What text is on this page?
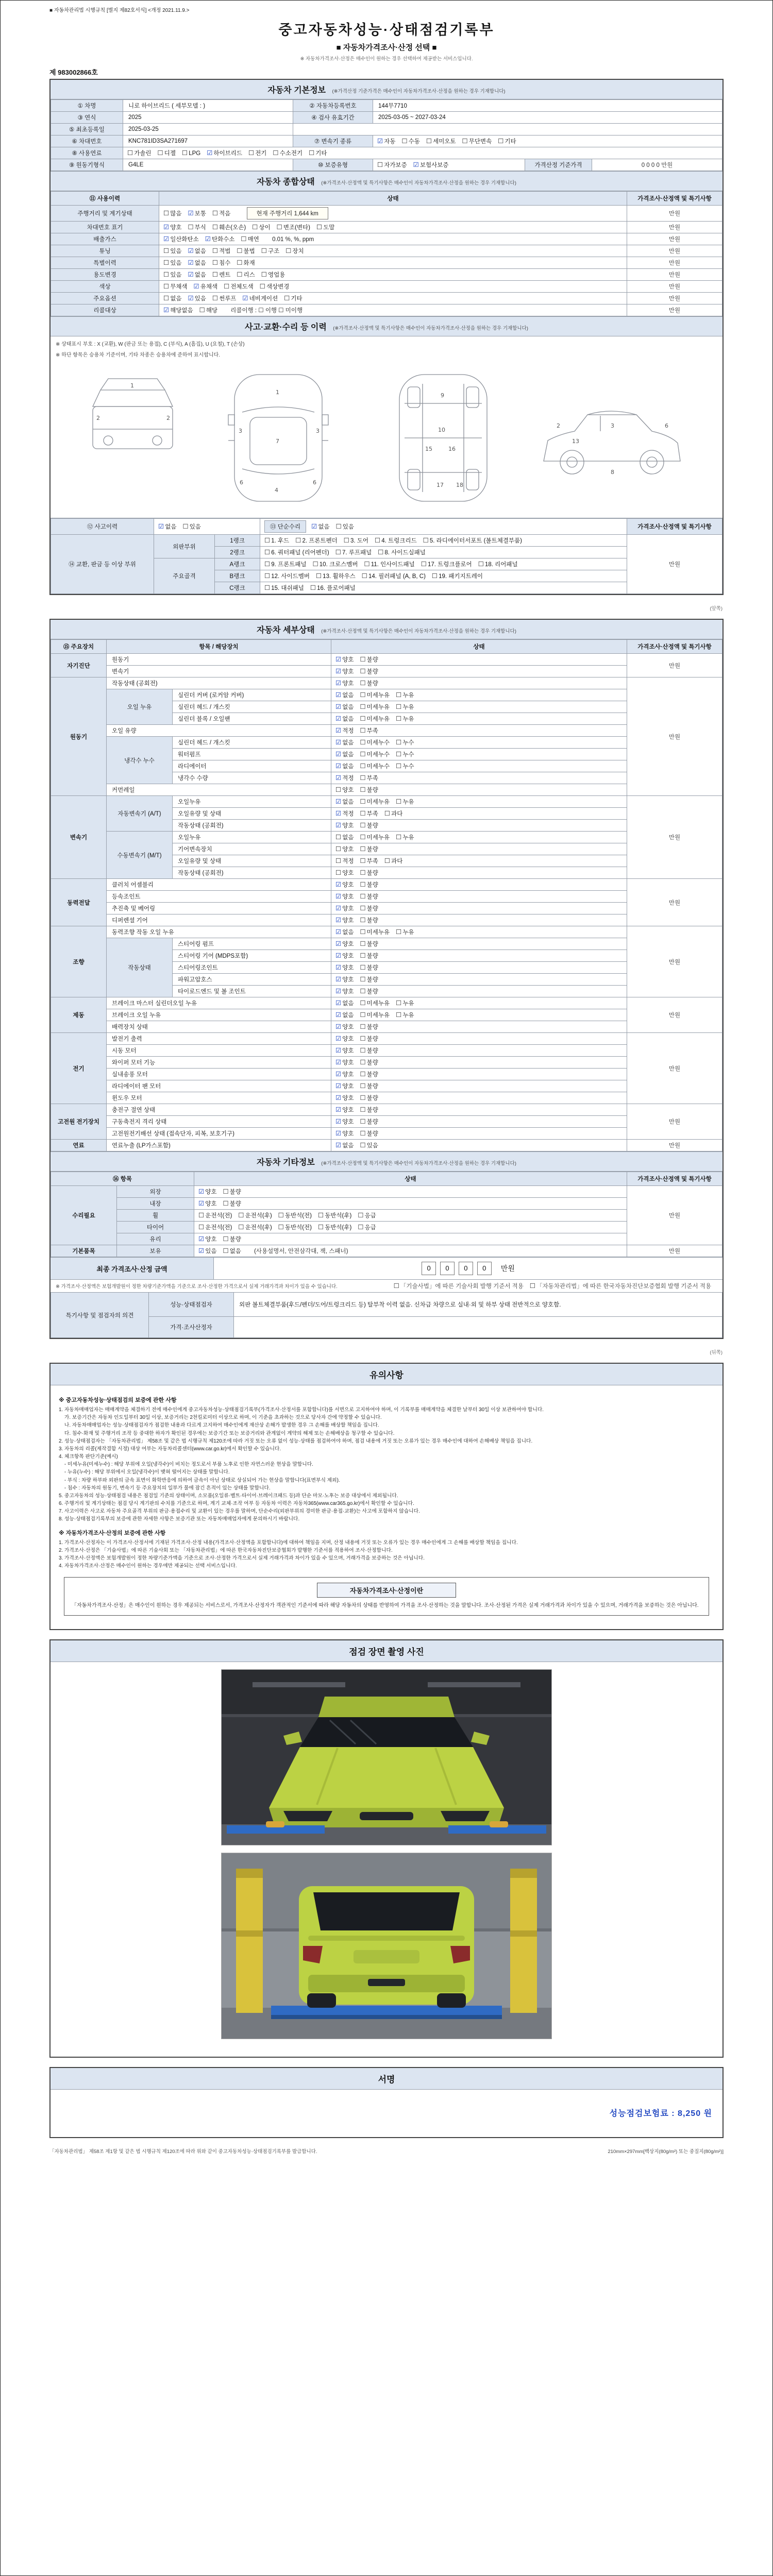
■ 자동차관리법 시행규칙 [별지 제82호서식] <개정 2021.11.9.>
중고자동차성능·상태점검기록부
■ 자동차가격조사·산정 선택 ■
※ 자동차가격조사·산정은 매수인이 원하는 경우 선택하여 제공받는 서비스입니다.
제 983002866호
자동차 기본정보 (※가격산정 기준가격은 매수인이 자동차가격조사·산정을 원하는 경우 기재합니다)
① 차명	니로 하이브리드 ( 세부모델 : )	② 자동차등록번호	144무7710		
③ 연식	2025	④ 검사 유효기간	2025-03-05 ~ 2027-03-24		
⑤ 최초등록일	2025-03-25				
⑥ 차대번호	KNC781ID3SA271697	⑦ 변속기 종류	☑ 자동 ☐ 수동 ☐ 세미오토 ☐ 무단변속 ☐ 기타		
⑧ 사용연료	☐ 가솔린 ☐ 디젤 ☐ LPG ☑ 하이브리드 ☐ 전기 ☐ 수소전기 ☐ 기타				
⑨ 원동기형식	G4LE	⑩ 보증유형	☐ 자가보증 ☑ 보험사보증	가격산정 기준가격	0 0 0 0 만원
자동차 종합상태 (※가격조사·산정액 및 특기사항은 매수인이 자동차가격조사·산정을 원하는 경우 기재합니다)
⑪ 사용이력	상태	가격조사·산정액 및 특기사항
주행거리 및 계기상태	☐ 많음 ☑ 보통 ☐ 적음 현재 주행거리 1,644 km	만원
차대번호 표기	☑ 양호 ☐ 부식 ☐ 훼손(오손) ☐ 상이 ☐ 변조(변타) ☐ 도말	만원
배출가스	☑ 일산화탄소 ☑ 탄화수소 ☐ 매연 0.01 %, %, ppm	만원
튜닝	☐ 있음 ☑ 없음 ☐ 적법 ☐ 불법 ☐ 구조 ☐ 장치	만원
특별이력	☐ 있음 ☑ 없음 ☐ 침수 ☐ 화재	만원
용도변경	☐ 있음 ☑ 없음 ☐ 렌트 ☐ 리스 ☐ 영업용	만원
색상	☐ 무채색 ☑ 유채색 ☐ 전체도색 ☐ 색상변경	만원
주요옵션	☐ 없음 ☑ 있음 ☐ 썬루프 ☑ 네비게이션 ☐ 기타	만원
리콜대상	☑ 해당없음 ☐ 해당 리콜이행 : ☐ 이행 ☐ 미이행	만원
사고·교환·수리 등 이력 (※가격조사·산정액 및 특기사항은 매수인이 자동차가격조사·산정을 원하는 경우 기재합니다)
※ 상태표시 부호 : X (교환), W (판금 또는 용접), C (부식), A (흠집), U (요철), T (손상)
※ 하단 항목은 승용차 기준이며, 기타 차종은 승용차에 준하여 표시합니다.
1
2	2
1
7
4
3	3
6	6
9
10
15	16
17 18
2	3
8
6
13
⑫ 사고이력	☑ 없음 ☐ 있음		⑬ 단순수리 ☑ 없음 ☐ 있음	가격조사·산정액 및 특기사항
⑭ 교환, 판금 등 이상 부위	외판부위	1랭크	☐ 1. 후드 ☐ 2. 프론트펜더 ☐ 3. 도어 ☐ 4. 트렁크리드 ☐ 5. 라디에이터서포트 (볼트체결부품)	만원
		2랭크	☐ 6. 쿼터패널 (리어펜더) ☐ 7. 루프패널 ☐ 8. 사이드실패널	
	주요골격	A랭크	☐ 9. 프론트패널 ☐ 10. 크로스멤버 ☐ 11. 인사이드패널 ☐ 17. 트렁크플로어 ☐ 18. 리어패널	
		B랭크	☐ 12. 사이드멤버 ☐ 13. 휠하우스 ☐ 14. 필러패널 (A, B, C) ☐ 19. 패키지트레이	
		C랭크	☐ 15. 대쉬패널 ☐ 16. 플로어패널	
(앞쪽)
자동차 세부상태 (※가격조사·산정액 및 특기사항은 매수인이 자동차가격조사·산정을 원하는 경우 기재합니다)
⑮ 주요장치	항목 / 해당장치		상태	가격조사·산정액 및 특기사항
자기진단	원동기		☑ 양호 ☐ 불량	만원
	변속기		☑ 양호 ☐ 불량	
원동기	작동상태 (공회전)		☑ 양호 ☐ 불량	만원
	오일 누유	실린더 커버 (로커암 커버)	☑ 없음 ☐ 미세누유 ☐ 누유	
		실린더 헤드 / 개스킷	☑ 없음 ☐ 미세누유 ☐ 누유	
		실린더 블록 / 오일팬	☑ 없음 ☐ 미세누유 ☐ 누유	
	오일 유량		☑ 적정 ☐ 부족	
	냉각수 누수	실린더 헤드 / 개스킷	☑ 없음 ☐ 미세누수 ☐ 누수	
		워터펌프	☑ 없음 ☐ 미세누수 ☐ 누수	
		라디에이터	☑ 없음 ☐ 미세누수 ☐ 누수	
		냉각수 수량	☑ 적정 ☐ 부족	
	커먼레일		☐ 양호 ☐ 불량	
변속기	자동변속기 (A/T)	오일누유	☑ 없음 ☐ 미세누유 ☐ 누유	만원
		오일유량 및 상태	☑ 적정 ☐ 부족 ☐ 과다	
		작동상태 (공회전)	☑ 양호 ☐ 불량	
	수동변속기 (M/T)	오일누유	☐ 없음 ☐ 미세누유 ☐ 누유	
		기어변속장치	☐ 양호 ☐ 불량	
		오일유량 및 상태	☐ 적정 ☐ 부족 ☐ 과다	
		작동상태 (공회전)	☐ 양호 ☐ 불량	
동력전달	클러치 어셈블리		☑ 양호 ☐ 불량	만원
	등속조인트		☑ 양호 ☐ 불량	
	추진축 및 베어링		☑ 양호 ☐ 불량	
	디퍼렌셜 기어		☑ 양호 ☐ 불량	
조향	동력조향 작동 오일 누유		☑ 없음 ☐ 미세누유 ☐ 누유	만원
	작동상태	스티어링 펌프	☑ 양호 ☐ 불량	
		스티어링 기어 (MDPS포함)	☑ 양호 ☐ 불량	
		스티어링조인트	☑ 양호 ☐ 불량	
		파워고압호스	☑ 양호 ☐ 불량	
		타이로드엔드 및 볼 조인트	☑ 양호 ☐ 불량	
제동	브레이크 마스터 실린더오일 누유		☑ 없음 ☐ 미세누유 ☐ 누유	만원
	브레이크 오일 누유		☑ 없음 ☐ 미세누유 ☐ 누유	
	배력장치 상태		☑ 양호 ☐ 불량	
전기	발전기 출력		☑ 양호 ☐ 불량	만원
	시동 모터		☑ 양호 ☐ 불량	
	와이퍼 모터 기능		☑ 양호 ☐ 불량	
	실내송풍 모터		☑ 양호 ☐ 불량	
	라디에이터 팬 모터		☑ 양호 ☐ 불량	
	윈도우 모터		☑ 양호 ☐ 불량	
고전원 전기장치	충전구 절연 상태		☑ 양호 ☐ 불량	만원
	구동축전지 격리 상태		☑ 양호 ☐ 불량	
	고전원전기배선 상태 (접속단자, 피복, 보호기구)		☑ 양호 ☐ 불량	
연료	연료누출 (LP가스포함)		☑ 없음 ☐ 있음	만원
자동차 기타정보 (※가격조사·산정액 및 특기사항은 매수인이 자동차가격조사·산정을 원하는 경우 기재합니다)
⑯ 항목		상태	가격조사·산정액 및 특기사항
수리필요	외장	☑ 양호 ☐ 불량	만원
	내장	☑ 양호 ☐ 불량	
	휠	☐ 운전석(전) ☐ 운전석(후) ☐ 동반석(전) ☐ 동반석(후) ☐ 응급	
	타이어	☐ 운전석(전) ☐ 운전석(후) ☐ 동반석(전) ☐ 동반석(후) ☐ 응급	
	유리	☑ 양호 ☐ 불량	
기본품목	보유	☑ 있음 ☐ 없음 (사용설명서, 안전삼각대, 잭, 스패너)	만원
최종 가격조사·산정 금액	0 0 0 0	만원
※ 가격조사·산정액은 보험개발원이 정한 차량기준가액을 기준으로 조사·산정한 가격으로서 실제 거래가격과 차이가 있을 수 있습니다.	☐ 「기술사법」에 따른 기술사회 발행 기준서 적용 ☐ 「자동차관리법」에 따른 한국자동차진단보증협회 발행 기준서 적용
특기사항 및 점검자의 의견	성능·상태점검자	외판 볼트체결부품(후드/펜더/도어/트렁크리드 등) 탈부착 이력 없음. 신차급 차량으로 실내·외 및 하부 상태 전반적으로 양호함.
	가격·조사산정자	
(뒤쪽)
유의사항
※ 중고자동차성능·상태점검의 보증에 관한 사항
1. 자동차매매업자는 매매계약을 체결하기 전에 매수인에게 중고자동차성능·상태점검기록부(가격조사·산정서를 포함합니다)를 서면으로 고지하여야 하며, 이 기록부를 매매계약을 체결한 날부터 30일 이상 보관하여야 합니다.
가. 보증기간은 자동차 인도일부터 30일 이상, 보증거리는 2천킬로미터 이상으로 하며, 이 기준을 초과하는 것으로 당사자 간에 약정할 수 있습니다.
나. 자동차매매업자는 성능·상태점검자가 점검한 내용과 다르게 고지하여 매수인에게 재산상 손해가 발생한 경우 그 손해를 배상할 책임을 집니다.
다. 침수·화재 및 주행거리 조작 등 중대한 하자가 확인된 경우에는 보증기간 또는 보증거리와 관계없이 계약의 해제 또는 손해배상을 청구할 수 있습니다.
2. 성능·상태점검자는 「자동차관리법」 제58조 및 같은 법 시행규칙 제120조에 따라 거짓 또는 오류 없이 성능·상태를 점검하여야 하며, 점검 내용에 거짓 또는 오류가 있는 경우 매수인에 대하여 손해배상 책임을 집니다.
3. 자동차의 리콜(제작결함 시정) 대상 여부는 자동차리콜센터(www.car.go.kr)에서 확인할 수 있습니다.
4. 체크항목 판단기준(예시)
- 미세누유(미세누수) : 해당 부위에 오일(냉각수)이 비치는 정도로서 부품 노후로 인한 자연스러운 현상을 말합니다.
- 누유(누수) : 해당 부위에서 오일(냉각수)이 맺혀 떨어지는 상태를 말합니다.
- 부식 : 차량 하부와 외판의 금속 표면이 화학반응에 의하여 금속이 아닌 상태로 상실되어 가는 현상을 말합니다(표면부식 제외).
- 침수 : 자동차의 원동기, 변속기 등 주요장치의 일부가 물에 잠긴 흔적이 있는 상태를 말합니다.
5. 중고자동차의 성능·상태점검 내용은 점검일 기준의 상태이며, 소모품(오일류·벨트·타이어·브레이크패드 등)과 단순 마모·노후는 보증 대상에서 제외됩니다.
6. 주행거리 및 계기상태는 점검 당시 계기판의 수치를 기준으로 하며, 계기 교체·조작 여부 등 자동차 이력은 자동차365(www.car365.go.kr)에서 확인할 수 있습니다.
7. 사고이력은 사고로 자동차 주요골격 부위의 판금·용접수리 및 교환이 있는 경우를 말하며, 단순수리(외판부위의 경미한 판금·용접·교환)는 사고에 포함하지 않습니다.
8. 성능·상태점검기록부의 보증에 관한 자세한 사항은 보증기관 또는 자동차매매업자에게 문의하시기 바랍니다.
※ 자동차가격조사·산정의 보증에 관한 사항
1. 가격조사·산정자는 이 가격조사·산정서에 기재된 가격조사·산정 내용(가격조사·산정액을 포함합니다)에 대하여 책임을 지며, 산정 내용에 거짓 또는 오류가 있는 경우 매수인에게 그 손해를 배상할 책임을 집니다.
2. 가격조사·산정은 「기술사법」에 따른 기술사회 또는 「자동차관리법」에 따른 한국자동차진단보증협회가 발행한 기준서를 적용하여 조사·산정합니다.
3. 가격조사·산정액은 보험개발원이 정한 차량기준가액을 기준으로 조사·산정한 가격으로서 실제 거래가격과 차이가 있을 수 있으며, 거래가격을 보증하는 것은 아닙니다.
4. 자동차가격조사·산정은 매수인이 원하는 경우에만 제공되는 선택 서비스입니다.
자동차가격조사·산정이란
「자동차가격조사·산정」은 매수인이 원하는 경우 제공되는 서비스로서, 가격조사·산정자가 객관적인 기준서에 따라 해당 자동차의 상태를 반영하여 가격을 조사·산정하는 것을 말합니다. 조사·산정된 가격은 실제 거래가격과 차이가 있을 수 있으며, 거래가격을 보증하는 것은 아닙니다.
점검 장면 촬영 사진
서명
성능점검보험료 : 8,250 원
「자동차관리법」 제58조 제1항 및 같은 법 시행규칙 제120조에 따라 위와 같이 중고자동차성능·상태점검기록부를 발급합니다.	210mm×297mm[백상지(80g/m²) 또는 중질지(80g/m²)]
